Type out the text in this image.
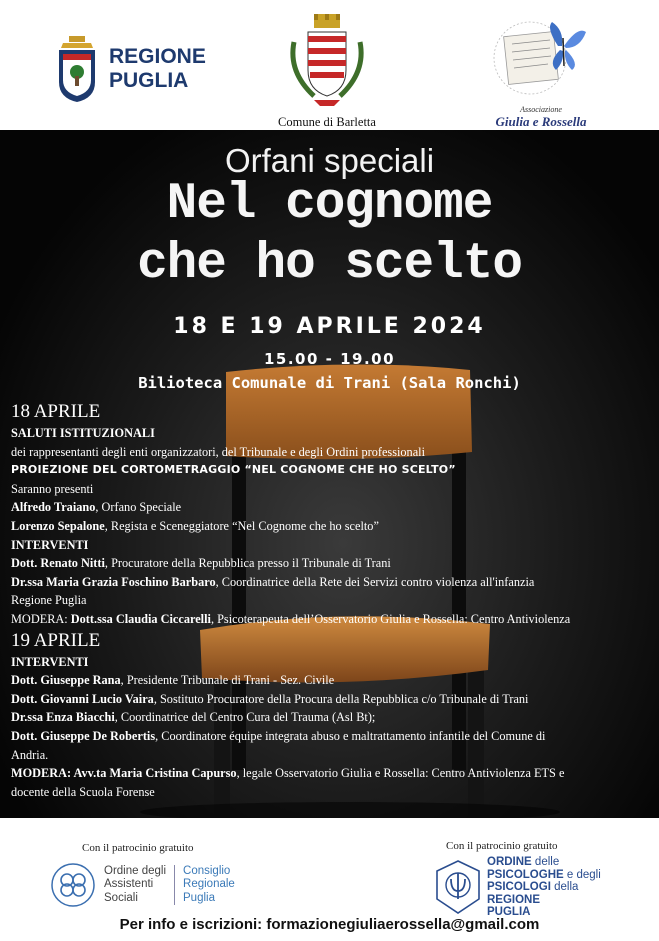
REGIONE
PUGLIA
Comune di Barletta
Associazione
Giulia e Rossella
Orfani speciali
Nel cognome
che ho scelto
18 E 19 APRILE 2024
15.00 - 19.00
Bilioteca Comunale di Trani (Sala Ronchi)
18 APRILE
SALUTI ISTITUZIONALI
dei rappresentanti degli enti organizzatori, del Tribunale e degli Ordini professionali
PROIEZIONE DEL CORTOMETRAGGIO “NEL COGNOME CHE HO SCELTO”
Saranno presenti
Alfredo Traiano, Orfano Speciale
Lorenzo Sepalone, Regista e Sceneggiatore “Nel Cognome che ho scelto”
INTERVENTI
Dott. Renato Nitti, Procuratore della Repubblica presso il Tribunale di Trani
Dr.ssa Maria Grazia Foschino Barbaro, Coordinatrice della Rete dei Servizi contro violenza all'infanzia
Regione Puglia
MODERA: Dott.ssa Claudia Ciccarelli, Psicoterapeuta dell’Osservatorio Giulia e Rossella: Centro Antiviolenza
19 APRILE
INTERVENTI
Dott. Giuseppe Rana, Presidente Tribunale di Trani - Sez. Civile
Dott. Giovanni Lucio Vaira, Sostituto Procuratore della Procura della Repubblica c/o Tribunale di Trani
Dr.ssa Enza Biacchi, Coordinatrice del Centro Cura del Trauma (Asl Bt);
Dott. Giuseppe De Robertis, Coordinatore équipe integrata abuso e maltrattamento infantile del Comune di
Andria.
MODERA: Avv.ta Maria Cristina Capurso, legale Osservatorio Giulia e Rossella: Centro Antiviolenza ETS e
docente della Scuola Forense
Con il patrocinio gratuito	Con il patrocinio gratuito
Ordine degli
Assistenti
Sociali
Consiglio
Regionale
Puglia
ORDINE delle
PSICOLOGHE e degli
PSICOLOGI della
REGIONE
PUGLIA
Per info e iscrizioni: formazionegiuliaerossella@gmail.com
